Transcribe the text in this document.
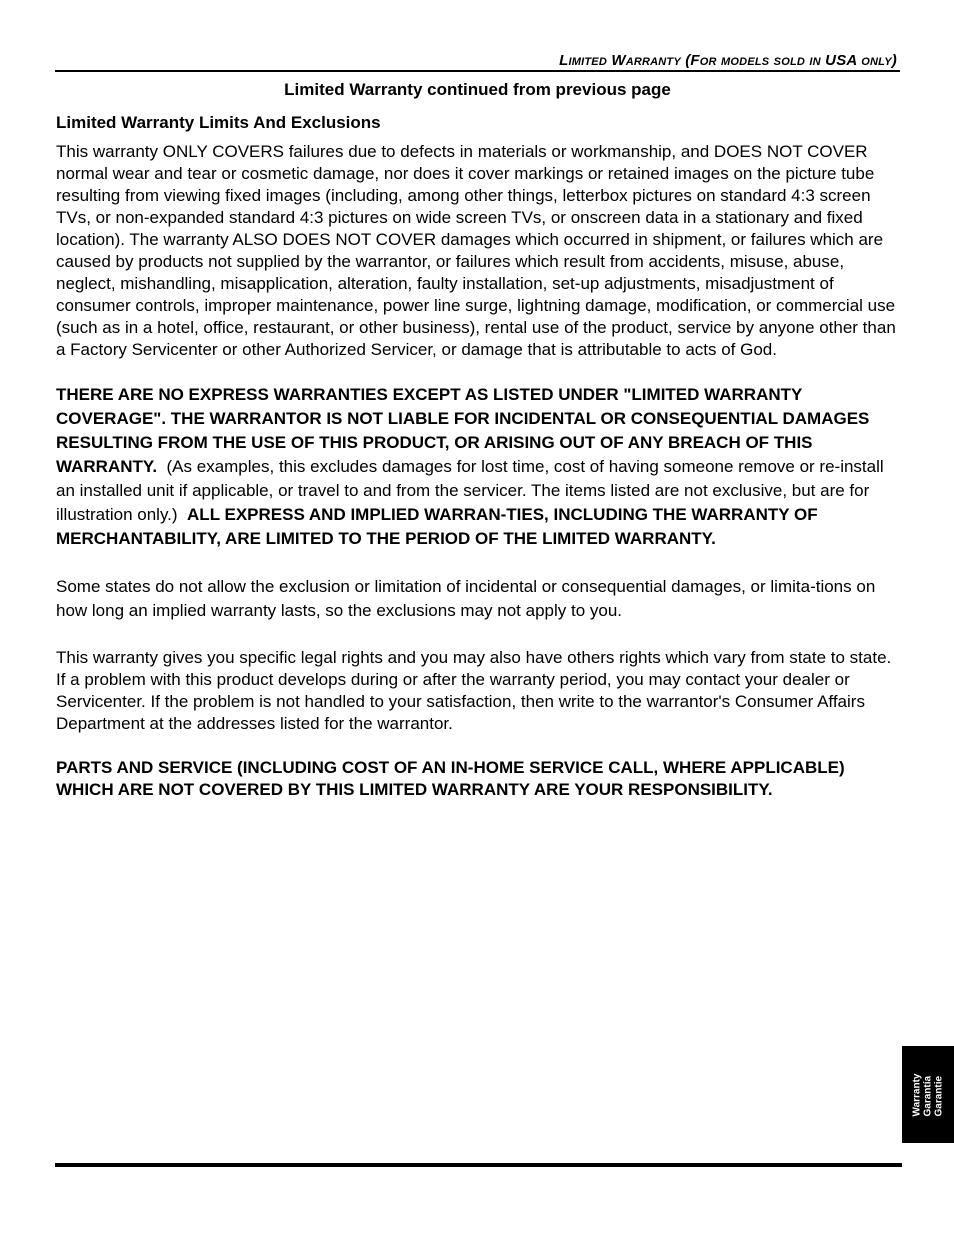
Limited Warranty (For models sold in USA only)
Limited Warranty continued from previous page

Limited Warranty Limits And Exclusions

This warranty ONLY COVERS failures due to defects in materials or workmanship, and DOES NOT COVER normal wear and tear or cosmetic damage, nor does it cover markings or retained images on the picture tube resulting from viewing fixed images (including, among other things, letterbox pictures on standard 4:3 screen TVs, or non-expanded standard 4:3 pictures on wide screen TVs, or onscreen data in a stationary and fixed location). The warranty ALSO DOES NOT COVER damages which occurred in shipment, or failures which are caused by products not supplied by the warrantor, or failures which result from accidents, misuse, abuse, neglect, mishandling, misapplication, alteration, faulty installation, set-up adjustments, misadjustment of consumer controls, improper maintenance, power line surge, lightning damage, modification, or commercial use (such as in a hotel, office, restaurant, or other business), rental use of the product, service by anyone other than a Factory Servicenter or other Authorized Servicer, or damage that is attributable to acts of God.

THERE ARE NO EXPRESS WARRANTIES EXCEPT AS LISTED UNDER "LIMITED WARRANTY COVERAGE". THE WARRANTOR IS NOT LIABLE FOR INCIDENTAL OR CONSEQUENTIAL DAMAGES RESULTING FROM THE USE OF THIS PRODUCT, OR ARISING OUT OF ANY BREACH OF THIS WARRANTY. (As examples, this excludes damages for lost time, cost of having someone remove or re-install an installed unit if applicable, or travel to and from the servicer. The items listed are not exclusive, but are for illustration only.) ALL EXPRESS AND IMPLIED WARRAN-TIES, INCLUDING THE WARRANTY OF MERCHANTABILITY, ARE LIMITED TO THE PERIOD OF THE LIMITED WARRANTY.

Some states do not allow the exclusion or limitation of incidental or consequential damages, or limita-tions on how long an implied warranty lasts, so the exclusions may not apply to you.

This warranty gives you specific legal rights and you may also have others rights which vary from state to state. If a problem with this product develops during or after the warranty period, you may contact your dealer or Servicenter. If the problem is not handled to your satisfaction, then write to the warrantor's Consumer Affairs Department at the addresses listed for the warrantor.

PARTS AND SERVICE (INCLUDING COST OF AN IN-HOME SERVICE CALL, WHERE APPLICABLE) WHICH ARE NOT COVERED BY THIS LIMITED WARRANTY ARE YOUR RESPONSIBILITY.

Warranty Garantía Garantie
